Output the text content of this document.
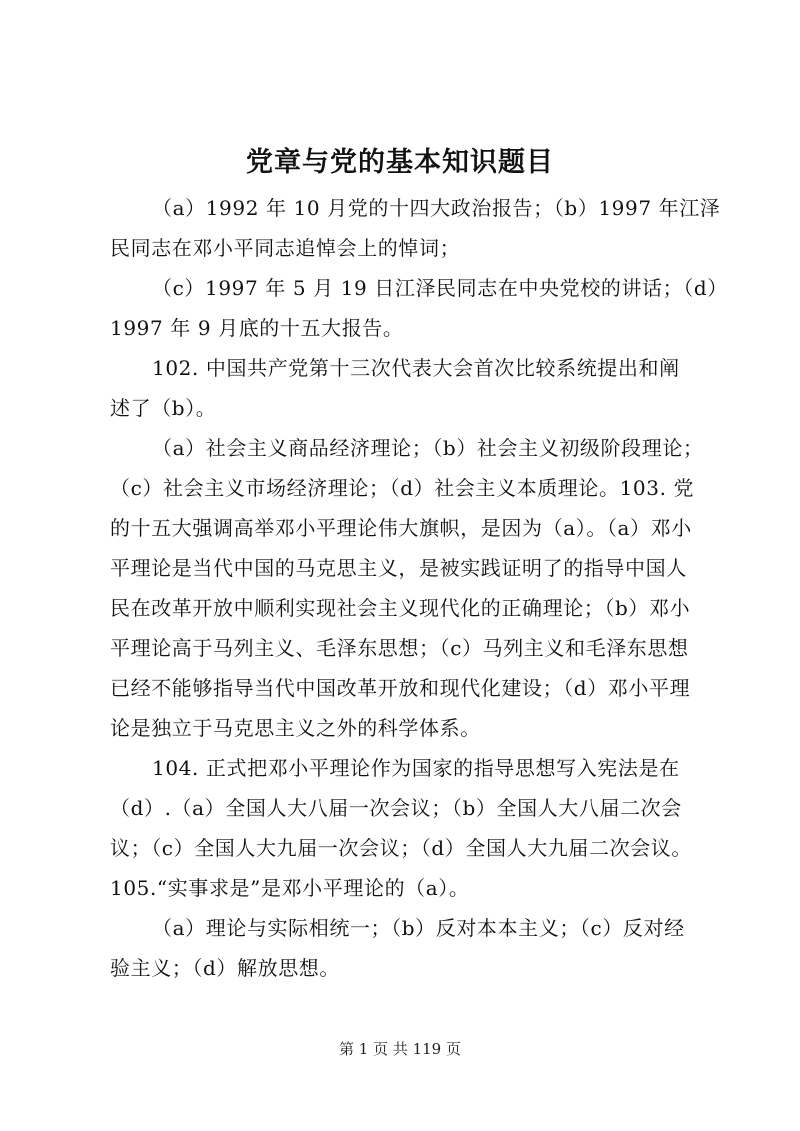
党章与党的基本知识题目

（a）1992 年 10 月党的十四大政治报告；（b）1997 年江泽
民同志在邓小平同志追悼会上的悼词；

（c）1997 年 5 月 19 日江泽民同志在中央党校的讲话；（d）
1997 年 9 月底的十五大报告。

102. 中国共产党第十三次代表大会首次比较系统提出和阐
述了（b）。

（a）社会主义商品经济理论；（b）社会主义初级阶段理论；
（c）社会主义市场经济理论；（d）社会主义本质理论。103. 党
的十五大强调高举邓小平理论伟大旗帜，是因为（a）。（a）邓小
平理论是当代中国的马克思主义，是被实践证明了的指导中国人
民在改革开放中顺利实现社会主义现代化的正确理论；（b）邓小
平理论高于马列主义、毛泽东思想；（c）马列主义和毛泽东思想
已经不能够指导当代中国改革开放和现代化建设；（d）邓小平理
论是独立于马克思主义之外的科学体系。

104. 正式把邓小平理论作为国家的指导思想写入宪法是在
（d）.（a）全国人大八届一次会议；（b）全国人大八届二次会
议；（c）全国人大九届一次会议；（d）全国人大九届二次会议。
105.“实事求是”是邓小平理论的（a）。

（a）理论与实际相统一；（b）反对本本主义；（c）反对经
验主义；（d）解放思想。

第 1 页 共 119 页
